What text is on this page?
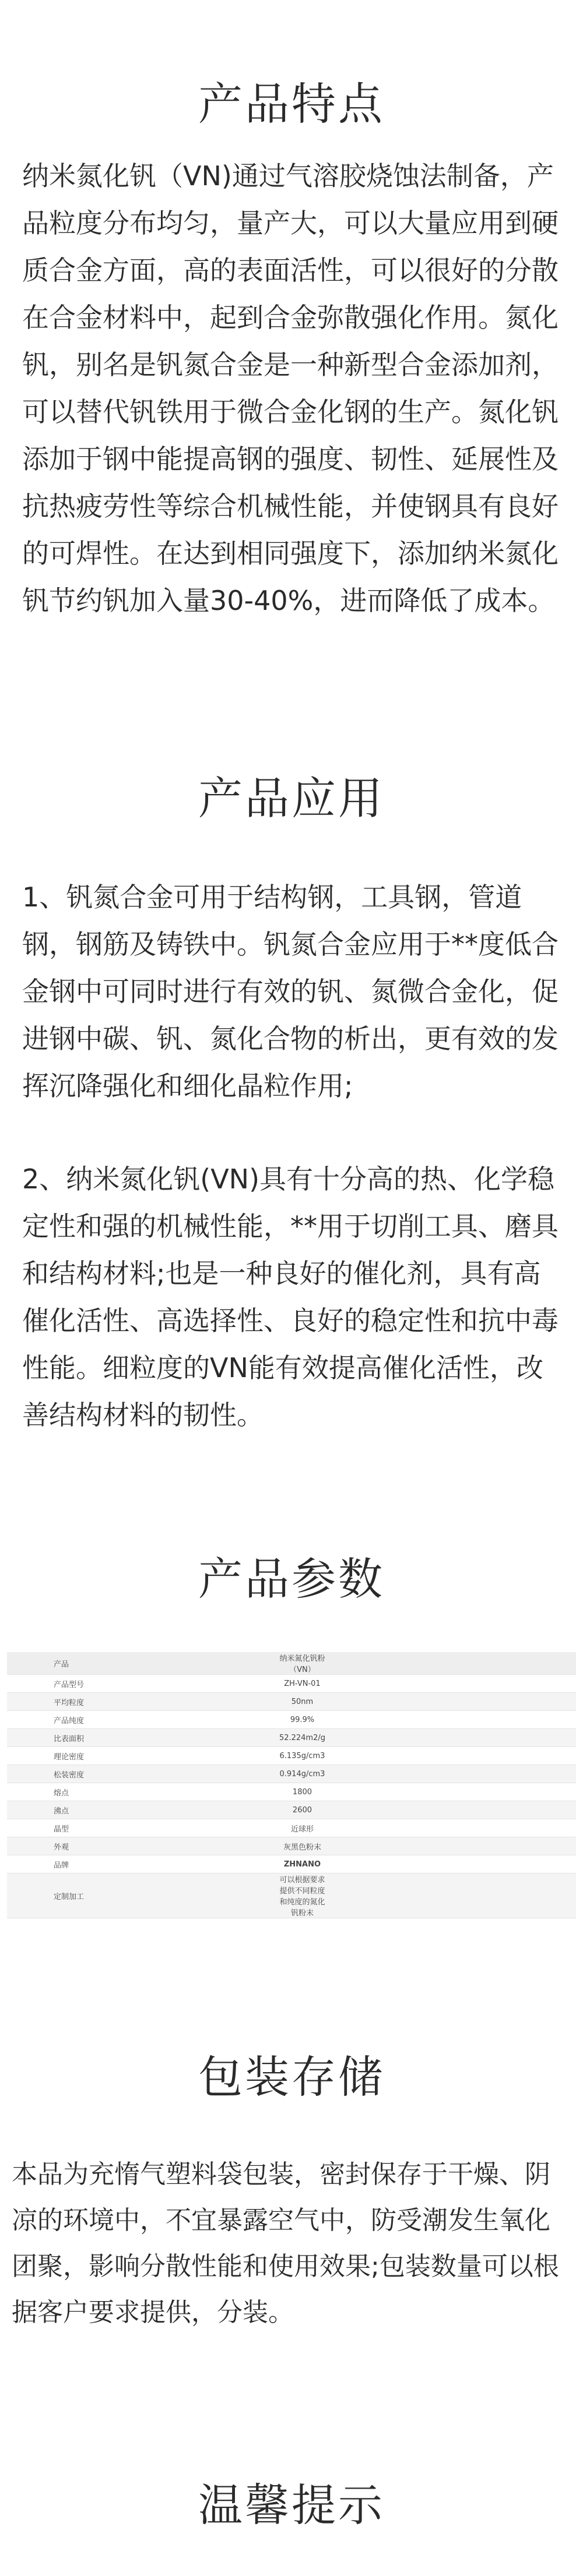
产品特点

纳米氮化钒（VN)通过气溶胶烧蚀法制备，产品粒度分布均匀，量产大，可以大量应用到硬质合金方面，高的表面活性，可以很好的分散在合金材料中，起到合金弥散强化作用。氮化钒，别名是钒氮合金是一种新型合金添加剂，可以替代钒铁用于微合金化钢的生产。氮化钒添加于钢中能提高钢的强度、韧性、延展性及抗热疲劳性等综合机械性能，并使钢具有良好的可焊性。在达到相同强度下，添加纳米氮化钒节约钒加入量30-40%，进而降低了成本。

产品应用

1、钒氮合金可用于结构钢，工具钢，管道钢，钢筋及铸铁中。钒氮合金应用于**度低合金钢中可同时进行有效的钒、氮微合金化，促进钢中碳、钒、氮化合物的析出，更有效的发挥沉降强化和细化晶粒作用;

2、纳米氮化钒(VN)具有十分高的热、化学稳定性和强的机械性能，**用于切削工具、磨具和结构材料;也是一种良好的催化剂，具有高催化活性、高选择性、良好的稳定性和抗中毒性能。细粒度的VN能有效提高催化活性，改善结构材料的韧性。

产品参数
产品	纳米氮化钒粉（VN）
产品型号	ZH-VN-01
平均粒度	50nm
产品纯度	99.9%
比表面积	52.224m2/g
理论密度	6.135g/cm3
松装密度	0.914g/cm3
熔点	1800
沸点	2600
晶型	近球形
外观	灰黑色粉末
品牌	ZHNANO
定制加工	可以根据要求提供不同粒度和纯度的氮化钒粉末
包装存储

本品为充惰气塑料袋包装，密封保存于干燥、阴凉的环境中，不宜暴露空气中，防受潮发生氧化团聚，影响分散性能和使用效果;包装数量可以根据客户要求提供，分装。

温馨提示
